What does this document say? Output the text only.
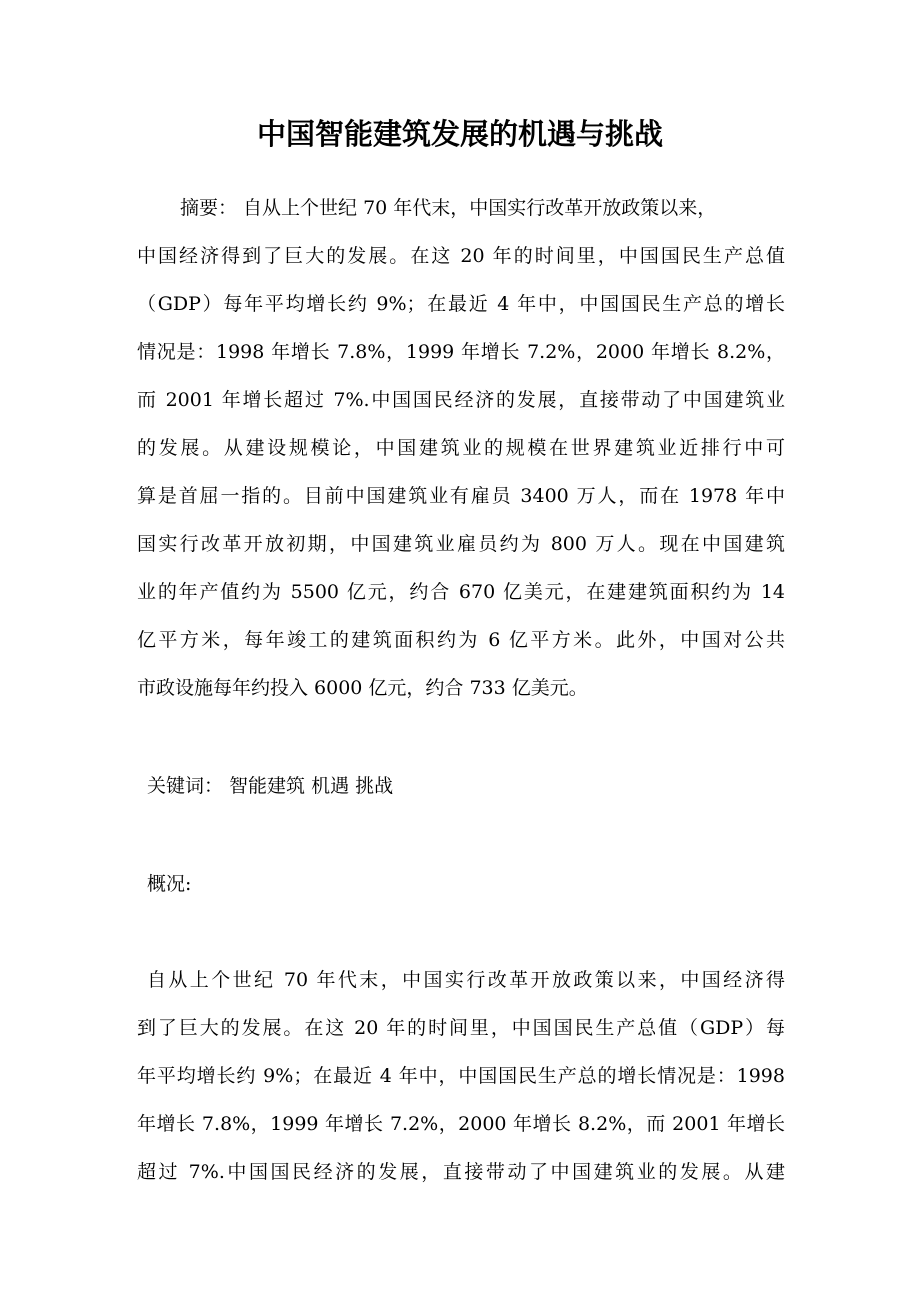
中国智能建筑发展的机遇与挑战
摘要： 自从上个世纪 70 年代末，中国实行改革开放政策以来，
中国经济得到了巨大的发展。在这 20 年的时间里，中国国民生产总值
（GDP）每年平均增长约 9%；在最近 4 年中，中国国民生产总的增长
情况是：1998 年增长 7.8%，1999 年增长 7.2%，2000 年增长 8.2%，
而 2001 年增长超过 7%.中国国民经济的发展，直接带动了中国建筑业
的发展。从建设规模论，中国建筑业的规模在世界建筑业近排行中可
算是首屈一指的。目前中国建筑业有雇员 3400 万人，而在 1978 年中
国实行改革开放初期，中国建筑业雇员约为 800 万人。现在中国建筑
业的年产值约为 5500 亿元，约合 670 亿美元，在建建筑面积约为 14
亿平方米，每年竣工的建筑面积约为 6 亿平方米。此外，中国对公共
市政设施每年约投入 6000 亿元，约合 733 亿美元。
关键词： 智能建筑 机遇 挑战
概况:
自从上个世纪 70 年代末，中国实行改革开放政策以来，中国经济得
到了巨大的发展。在这 20 年的时间里，中国国民生产总值（GDP）每
年平均增长约 9%；在最近 4 年中，中国国民生产总的增长情况是：1998
年增长 7.8%，1999 年增长 7.2%，2000 年增长 8.2%，而 2001 年增长
超过 7%.中国国民经济的发展，直接带动了中国建筑业的发展。从建
